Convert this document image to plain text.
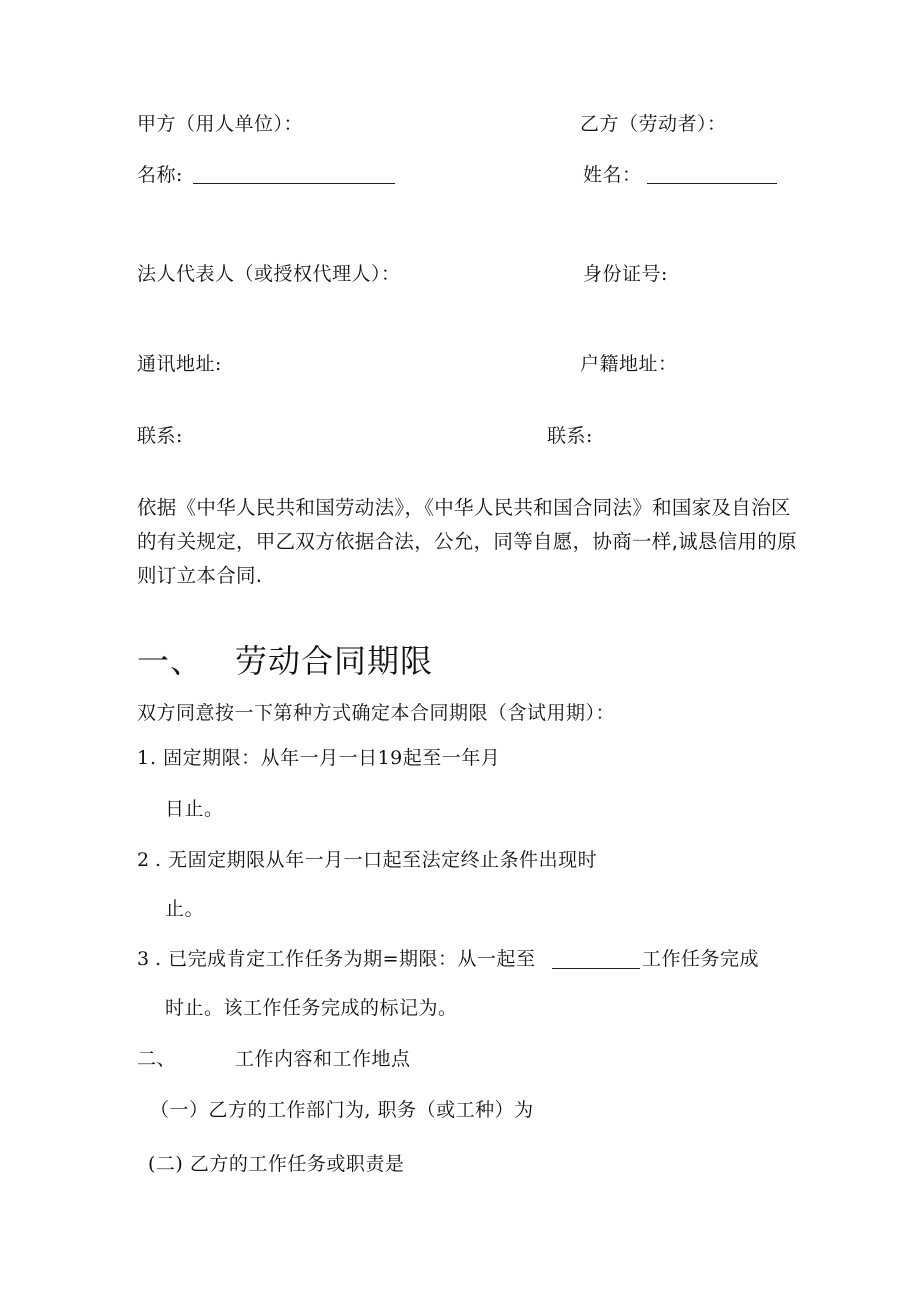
甲方（用人单位）：	乙方（劳动者）：
名称:	姓名：
法人代表人（或授权代理人）：	身份证号:
通讯地址:	户籍地址：
联系:	联系:
依据《中华人民共和国劳动法》，《中华人民共和国合同法》和国家及自治区的有关规定，甲乙双方依据合法，公允，同等自愿，协商一样,诚恳信用的原则订立本合同.
一、 劳动合同期限
双方同意按一下第种方式确定本合同期限（含试用期）：
1 . 固定期限：从年一月一日19起至一年月
日止。
2 . 无固定期限从年一月一口起至法定终止条件出现时
止。
3 . 已完成肯定工作任务为期=期限：从一起至	工作任务完成
时止。该工作任务完成的标记为。
二、	工作内容和工作地点
（一）乙方的工作部门为, 职务（或工种）为
(二) 乙方的工作任务或职责是
